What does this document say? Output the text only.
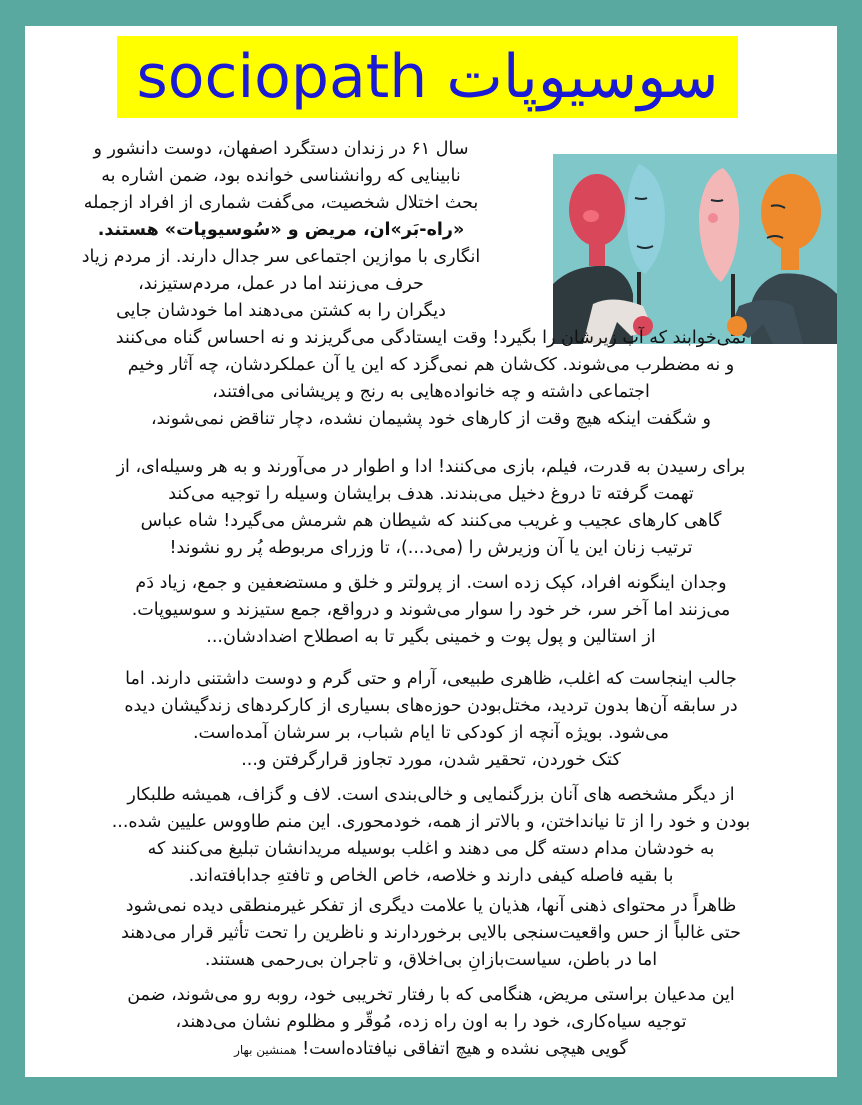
سوسیوپات sociopath

سال ۶۱ در زندان دستگرد اصفهان، دوست دانشور و
نابینایی که روانشناسی خوانده بود، ضمن اشاره به
بحث اختلال شخصیت، می‌گفت شماری از افراد ازجمله
«راه-بَر»ان، مریض و «سُوسیوپات» هستند.
انگاری با موازین اجتماعی سر جدال دارند. از مردم زیاد
حرف می‌زنند اما در عمل، مردم‌ستیزند،
دیگران را به کشتن می‌دهند اما خودشان جایی

نمی‌خوابند که آب زیرشان را بگیرد! وقت ایستادگی می‌گریزند و نه احساس گناه می‌کنند
و نه مضطرب می‌شوند. کک‌شان هم نمی‌گزد که این یا آن عملکردشان، چه آثار وخیم
اجتماعی داشته و چه خانواده‌هایی به رنج و پریشانی می‌افتند،
و شگفت اینکه هیچ وقت از کارهای خود پشیمان نشده، دچار تناقض نمی‌شوند،

برای رسیدن به قدرت، فیلم، بازی می‌کنند! ادا و اطوار در می‌آورند و به هر وسیله‌ای، از
تهمت گرفته تا دروغ دخیل می‌بندند. هدف برایشان وسیله را توجیه می‌کند
گاهی کارهای عجیب و غریب می‌کنند که شیطان هم شرمش می‌گیرد! شاه عباس
ترتیب زنان این یا آن وزیرش را (می‌د...)، تا وزرای مربوطه پُر رو نشوند!

وجدان اینگونه افراد، کپک زده است. از پرولتر و خلق و مستضعفین و جمع، زیاد دَم
می‌زنند اما آخر سر، خر خود را سوار می‌شوند و درواقع، جمع ستیزند و سوسیوپات.
از استالین و پول پوت و خمینی بگیر تا به اصطلاح اضدادشان...

جالب اینجاست که اغلب، ظاهری طبیعی، آرام و حتی گرم و دوست داشتنی دارند. اما
در سابقه آن‌ها بدون تردید، مختل‌بودن حوزه‌های بسیاری از کارکردهای زندگیشان دیده
می‌شود. بویژه آنچه از کودکی تا ایام شباب، بر سرشان آمده‌است.
کتک خوردن، تحقیر شدن، مورد تجاوز قرارگرفتن و...

از دیگر مشخصه های آنان بزرگنمایی و خالی‌بندی است. لاف و گزاف، همیشه طلبکار
بودن و خود را از تا نیانداختن، و بالاتر از همه، خودمحوری. این منم طاووس علیین شده...
به خودشان مدام دسته گل می دهند و اغلب بوسیله مریدانشان تبلیغ می‌کنند که
با بقیه فاصله کیفی دارند و خلاصه، خاص الخاص و تافتهِ جدابافته‌اند.

ظاهراً در محتوای ذهنی آنها، هذیان یا علامت دیگری از تفکر غیرمنطقی دیده نمی‌شود
حتی غالباً از حس واقعیت‌سنجی بالایی برخوردارند و ناظرین را تحت تأثیر قرار می‌دهند
اما در باطن، سیاست‌بازانِ بی‌اخلاق، و تاجران بی‌رحمی هستند.

این مدعیان براستی مریض، هنگامی که با رفتار تخریبی خود، روبه رو می‌شوند، ضمن
توجیه سیاه‌کاری، خود را به اون راه زده، مُوقّر و مظلوم نشان می‌دهند،
گویی هیچی نشده و هیچ اتفاقی نیافتاده‌است! همنشین بهار
